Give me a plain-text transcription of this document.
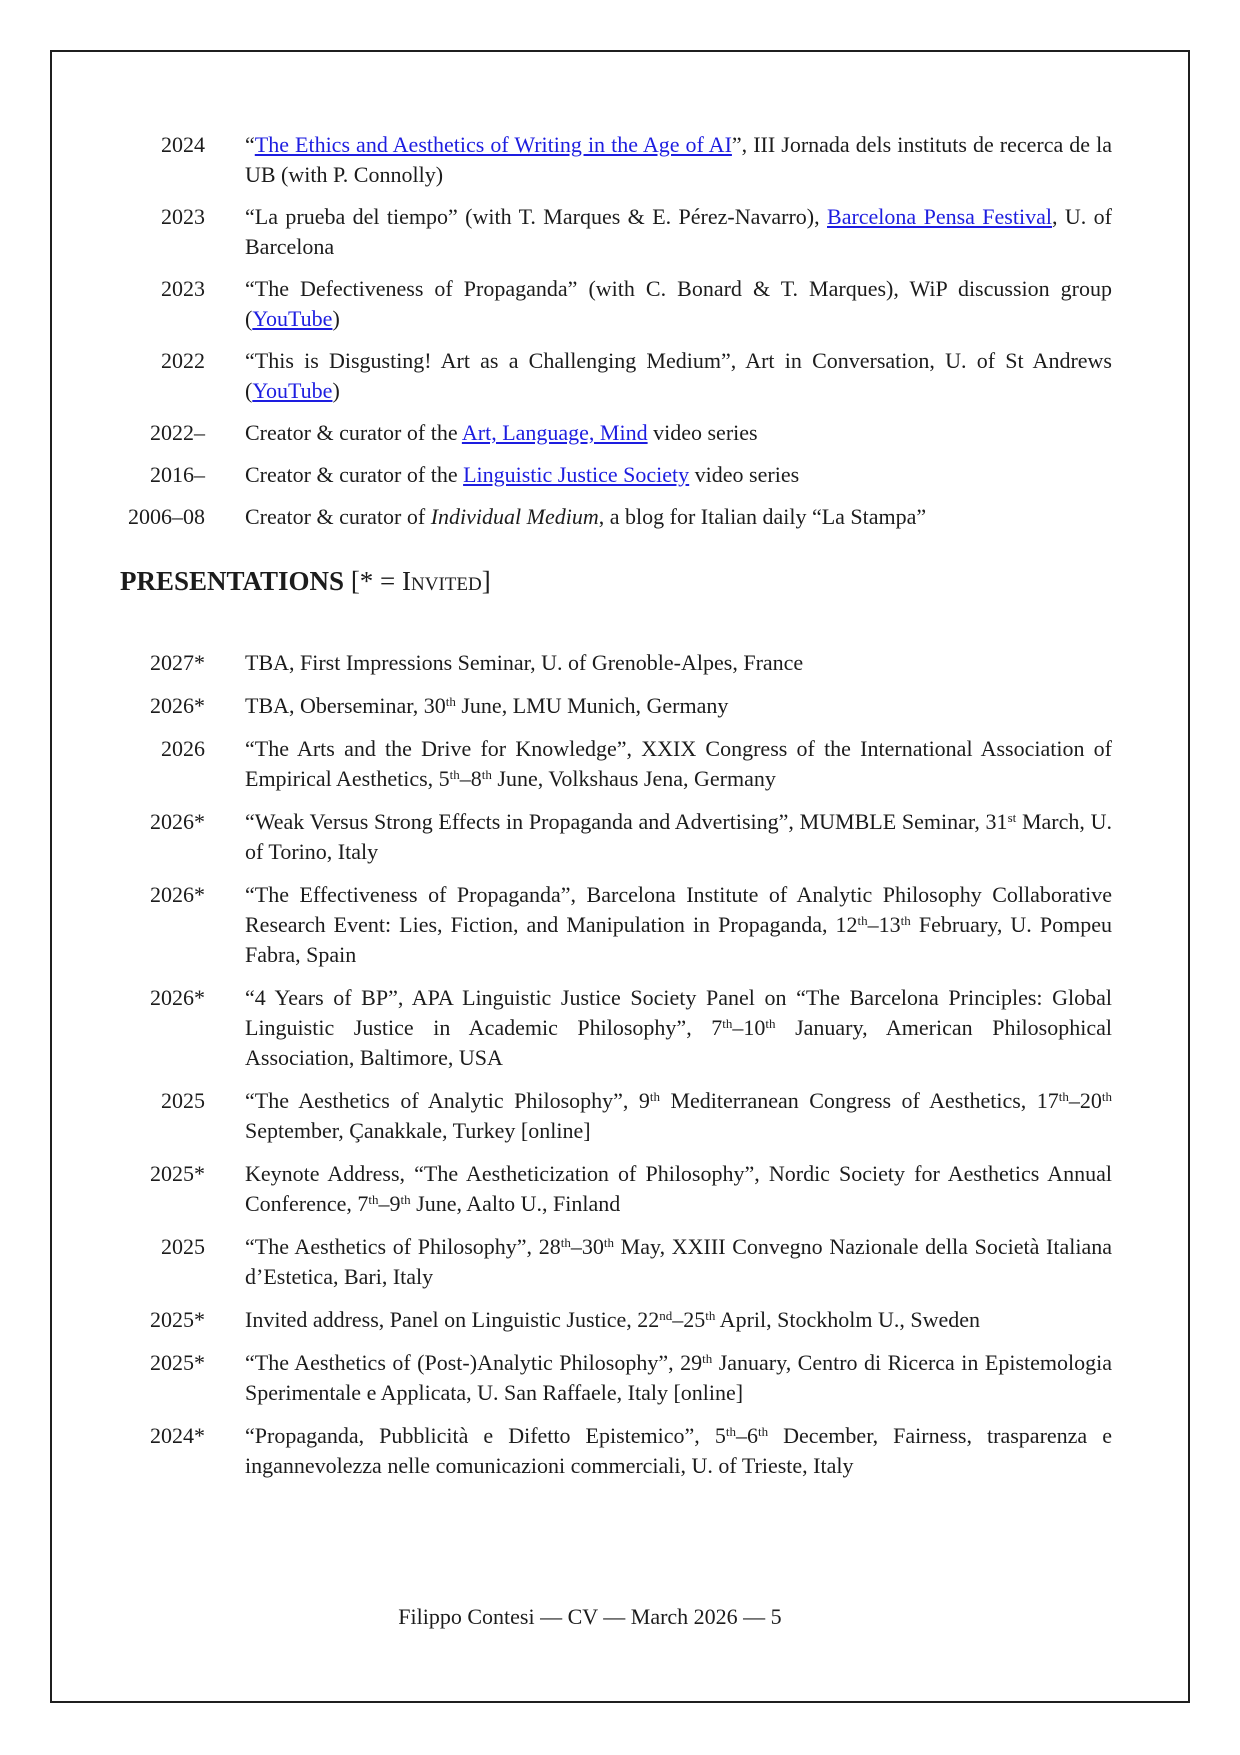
2024 “The Ethics and Aesthetics of Writing in the Age of AI”, III Jornada dels instituts de recerca de la UB (with P. Connolly)
2023 “La prueba del tiempo” (with T. Marques & E. Pérez-Navarro), Barcelona Pensa Festival, U. of Barcelona
2023 “The Defectiveness of Propaganda” (with C. Bonard & T. Marques), WiP discussion group (YouTube)
2022 “This is Disgusting! Art as a Challenging Medium”, Art in Conversation, U. of St Andrews (YouTube)
2022– Creator & curator of the Art, Language, Mind video series
2016– Creator & curator of the Linguistic Justice Society video series
2006–08 Creator & curator of Individual Medium, a blog for Italian daily “La Stampa”
PRESENTATIONS [* = Invited]
2027* TBA, First Impressions Seminar, U. of Grenoble-Alpes, France
2026* TBA, Oberseminar, 30th June, LMU Munich, Germany
2026 “The Arts and the Drive for Knowledge”, XXIX Congress of the International Association of Empirical Aesthetics, 5th–8th June, Volkshaus Jena, Germany
2026* “Weak Versus Strong Effects in Propaganda and Advertising”, MUMBLE Seminar, 31st March, U. of Torino, Italy
2026* “The Effectiveness of Propaganda”, Barcelona Institute of Analytic Philosophy Collaborative Research Event: Lies, Fiction, and Manipulation in Propaganda, 12th–13th February, U. Pompeu Fabra, Spain
2026* “4 Years of BP”, APA Linguistic Justice Society Panel on “The Barcelona Principles: Global Linguistic Justice in Academic Philosophy”, 7th–10th January, American Philosophical Association, Baltimore, USA
2025 “The Aesthetics of Analytic Philosophy”, 9th Mediterranean Congress of Aesthetics, 17th–20th September, Çanakkale, Turkey [online]
2025* Keynote Address, “The Aestheticization of Philosophy”, Nordic Society for Aesthetics Annual Conference, 7th–9th June, Aalto U., Finland
2025 “The Aesthetics of Philosophy”, 28th–30th May, XXIII Convegno Nazionale della Società Italiana d’Estetica, Bari, Italy
2025* Invited address, Panel on Linguistic Justice, 22nd–25th April, Stockholm U., Sweden
2025* “The Aesthetics of (Post-)Analytic Philosophy”, 29th January, Centro di Ricerca in Epistemologia Sperimentale e Applicata, U. San Raffaele, Italy [online]
2024* “Propaganda, Pubblicità e Difetto Epistemico”, 5th–6th December, Fairness, trasparenza e ingannevolezza nelle comunicazioni commerciali, U. of Trieste, Italy
Filippo Contesi — CV — March 2026 — 5
